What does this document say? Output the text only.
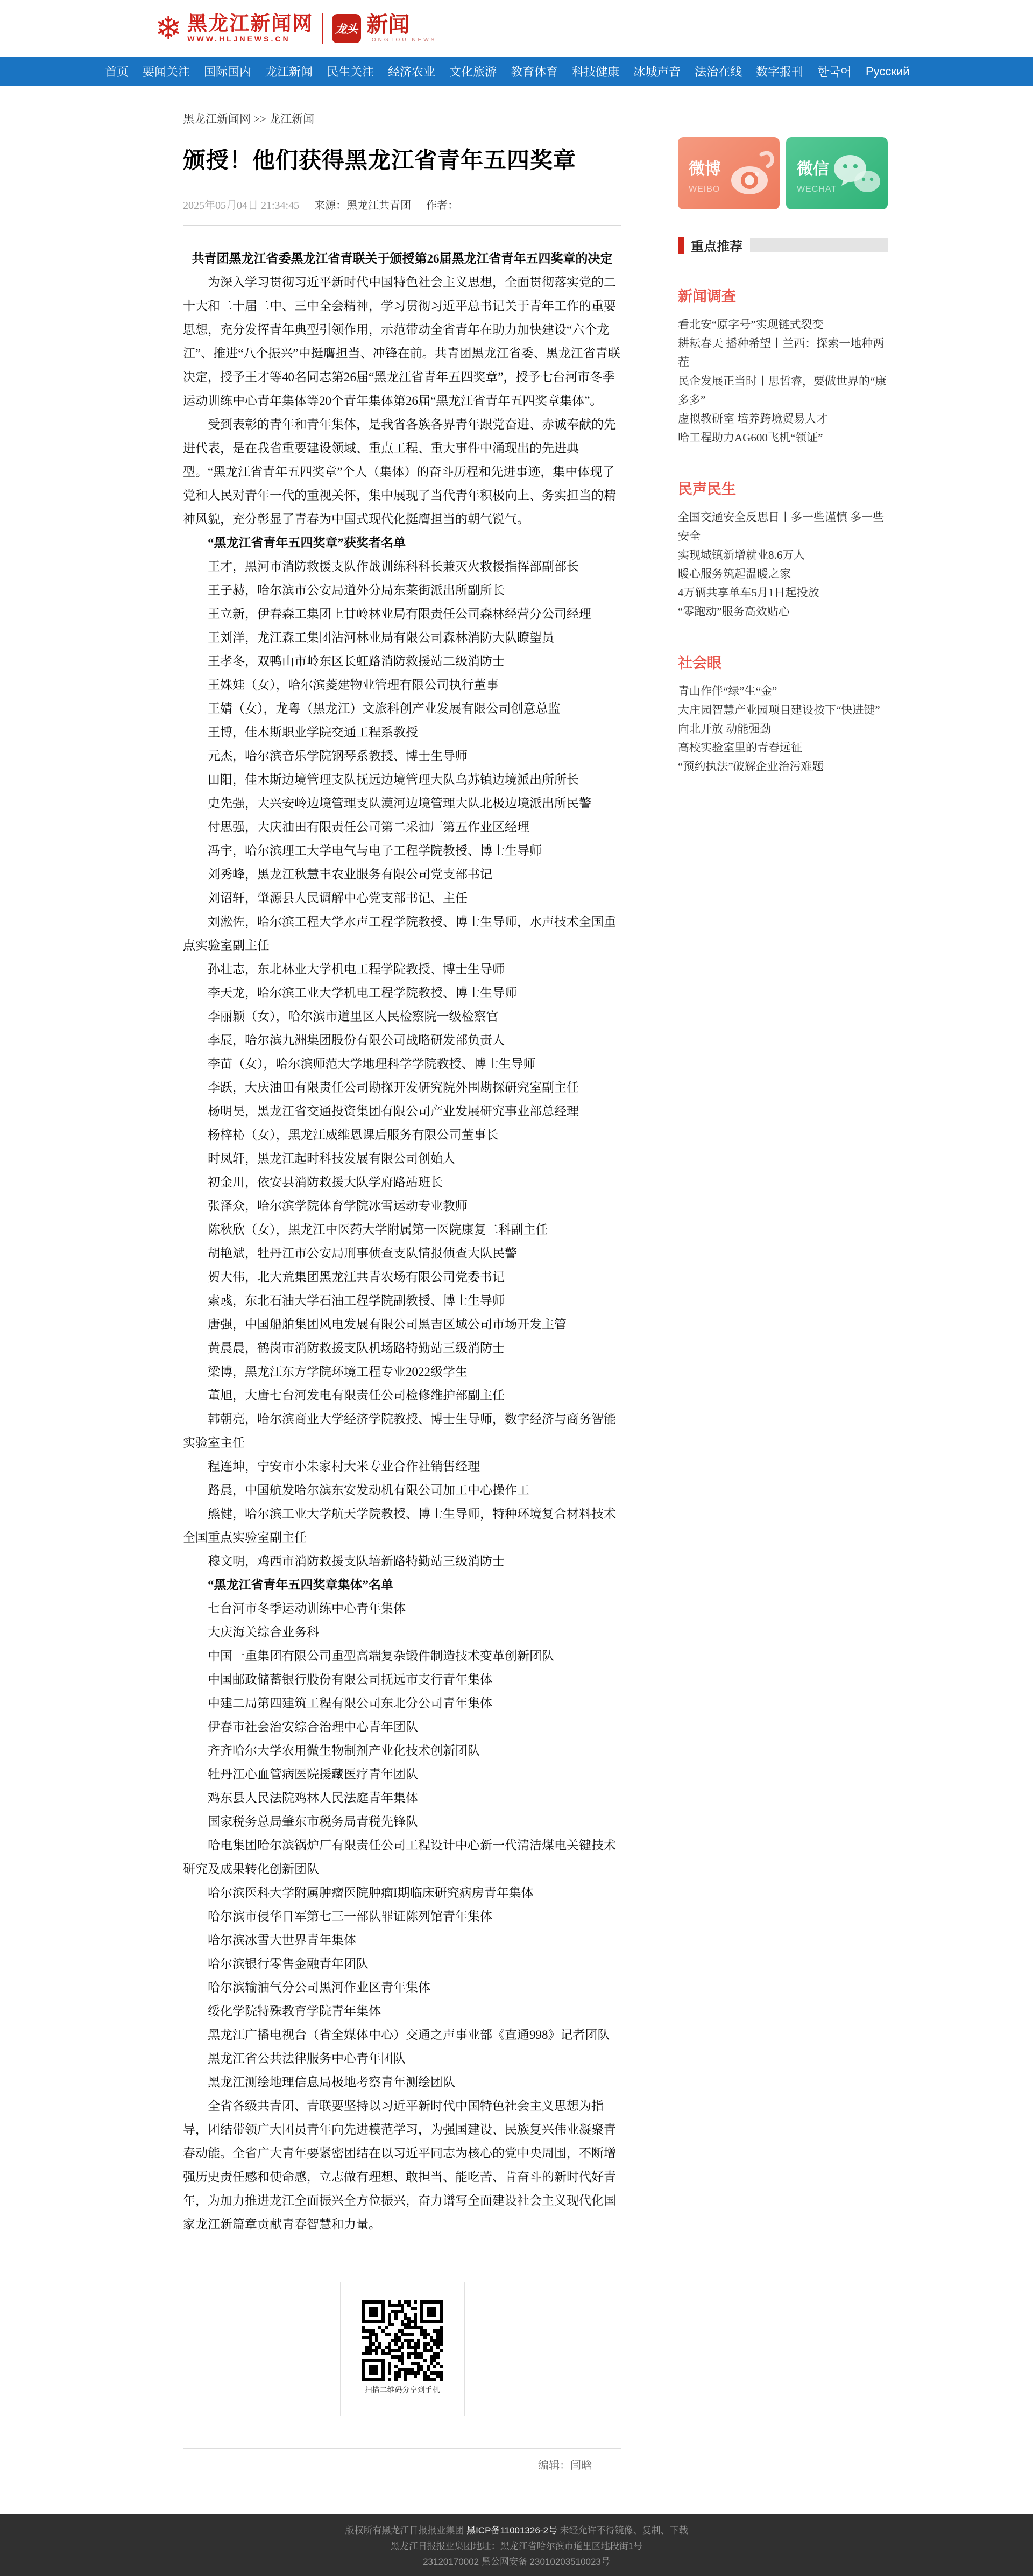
❄ 黑龙江新闻网
WWW.HLJNEWS.CN
龙头 新闻
LONGTOU NEWS
首页 要闻关注 国际国内 龙江新闻 民生关注 经济农业 文化旅游 教育体育 科技健康 冰城声音 法治在线 数字报刊 한국어 Русский
黑龙江新闻网 >> 龙江新闻
颁授！他们获得黑龙江省青年五四奖章
2025年05月04日 21:34:45 来源：黑龙江共青团 作者：

共青团黑龙江省委黑龙江省青联关于颁授第26届黑龙江省青年五四奖章的决定

为深入学习贯彻习近平新时代中国特色社会主义思想，全面贯彻落实党的二十大和二十届二中、三中全会精神，学习贯彻习近平总书记关于青年工作的重要思想，充分发挥青年典型引领作用，示范带动全省青年在助力加快建设“六个龙江”、推进“八个振兴”中挺膺担当、冲锋在前。共青团黑龙江省委、黑龙江省青联决定，授予王才等40名同志第26届“黑龙江省青年五四奖章”，授予七台河市冬季运动训练中心青年集体等20个青年集体第26届“黑龙江省青年五四奖章集体”。

受到表彰的青年和青年集体，是我省各族各界青年跟党奋进、赤诚奉献的先进代表，是在我省重要建设领域、重点工程、重大事件中涌现出的先进典型。“黑龙江省青年五四奖章”个人（集体）的奋斗历程和先进事迹，集中体现了党和人民对青年一代的重视关怀，集中展现了当代青年积极向上、务实担当的精神风貌，充分彰显了青春为中国式现代化挺膺担当的朝气锐气。

“黑龙江省青年五四奖章”获奖者名单

王才，黑河市消防救援支队作战训练科科长兼灭火救援指挥部副部长

王子赫，哈尔滨市公安局道外分局东莱街派出所副所长

王立新，伊春森工集团上甘岭林业局有限责任公司森林经营分公司经理

王刘洋，龙江森工集团沾河林业局有限公司森林消防大队瞭望员

王孝冬，双鸭山市岭东区长虹路消防救援站二级消防士

王姝娃（女），哈尔滨菱建物业管理有限公司执行董事

王婧（女），龙粤（黑龙江）文旅科创产业发展有限公司创意总监

王博，佳木斯职业学院交通工程系教授

元杰，哈尔滨音乐学院钢琴系教授、博士生导师

田阳，佳木斯边境管理支队抚远边境管理大队乌苏镇边境派出所所长

史先强，大兴安岭边境管理支队漠河边境管理大队北极边境派出所民警

付思强，大庆油田有限责任公司第二采油厂第五作业区经理

冯宇，哈尔滨理工大学电气与电子工程学院教授、博士生导师

刘秀峰，黑龙江秋慧丰农业服务有限公司党支部书记

刘诏轩，肇源县人民调解中心党支部书记、主任

刘淞佐，哈尔滨工程大学水声工程学院教授、博士生导师，水声技术全国重点实验室副主任

孙壮志，东北林业大学机电工程学院教授、博士生导师

李天龙，哈尔滨工业大学机电工程学院教授、博士生导师

李丽颖（女），哈尔滨市道里区人民检察院一级检察官

李辰，哈尔滨九洲集团股份有限公司战略研发部负责人

李苗（女），哈尔滨师范大学地理科学学院教授、博士生导师

李跃，大庆油田有限责任公司勘探开发研究院外围勘探研究室副主任

杨明昊，黑龙江省交通投资集团有限公司产业发展研究事业部总经理

杨梓杺（女），黑龙江威维恩课后服务有限公司董事长

时凤轩，黑龙江起时科技发展有限公司创始人

初金川，依安县消防救援大队学府路站班长

张泽众，哈尔滨学院体育学院冰雪运动专业教师

陈秋欣（女），黑龙江中医药大学附属第一医院康复二科副主任

胡艳斌，牡丹江市公安局刑事侦查支队情报侦查大队民警

贺大伟，北大荒集团黑龙江共青农场有限公司党委书记

索彧，东北石油大学石油工程学院副教授、博士生导师

唐强，中国船舶集团风电发展有限公司黑吉区域公司市场开发主管

黄晨晨，鹤岗市消防救援支队机场路特勤站三级消防士

梁博，黑龙江东方学院环境工程专业2022级学生

董旭，大唐七台河发电有限责任公司检修维护部副主任

韩朝亮，哈尔滨商业大学经济学院教授、博士生导师，数字经济与商务智能实验室主任

程连坤，宁安市小朱家村大米专业合作社销售经理

路晨，中国航发哈尔滨东安发动机有限公司加工中心操作工

熊健，哈尔滨工业大学航天学院教授、博士生导师，特种环境复合材料技术全国重点实验室副主任

穆文明，鸡西市消防救援支队培新路特勤站三级消防士

“黑龙江省青年五四奖章集体”名单

七台河市冬季运动训练中心青年集体

大庆海关综合业务科

中国一重集团有限公司重型高端复杂锻件制造技术变革创新团队

中国邮政储蓄银行股份有限公司抚远市支行青年集体

中建二局第四建筑工程有限公司东北分公司青年集体

伊春市社会治安综合治理中心青年团队

齐齐哈尔大学农用微生物制剂产业化技术创新团队

牡丹江心血管病医院援藏医疗青年团队

鸡东县人民法院鸡林人民法庭青年集体

国家税务总局肇东市税务局青税先锋队

哈电集团哈尔滨锅炉厂有限责任公司工程设计中心新一代清洁煤电关键技术研究及成果转化创新团队

哈尔滨医科大学附属肿瘤医院肿瘤I期临床研究病房青年集体

哈尔滨市侵华日军第七三一部队罪证陈列馆青年集体

哈尔滨冰雪大世界青年集体

哈尔滨银行零售金融青年团队

哈尔滨输油气分公司黑河作业区青年集体

绥化学院特殊教育学院青年集体

黑龙江广播电视台（省全媒体中心）交通之声事业部《直通998》记者团队

黑龙江省公共法律服务中心青年团队

黑龙江测绘地理信息局极地考察青年测绘团队

全省各级共青团、青联要坚持以习近平新时代中国特色社会主义思想为指导，团结带领广大团员青年向先进模范学习，为强国建设、民族复兴伟业凝聚青春动能。全省广大青年要紧密团结在以习近平同志为核心的党中央周围，不断增强历史责任感和使命感，立志做有理想、敢担当、能吃苦、肯奋斗的新时代好青年，为加力推进龙江全面振兴全方位振兴，奋力谱写全面建设社会主义现代化国家龙江新篇章贡献青春智慧和力量。

扫描二维码分享到手机
编辑：闫晗
微博
WEIBO
微信
WECHAT
重点推荐
新闻调查
看北安“原字号”实现链式裂变
耕耘春天 播种希望丨兰西：探索一地种两茬
民企发展正当时丨思哲睿，要做世界的“康多多”
虚拟教研室 培养跨境贸易人才
哈工程助力AG600飞机“领证”
民声民生
全国交通安全反思日丨多一些谨慎 多一些安全
实现城镇新增就业8.6万人
暖心服务筑起温暖之家
4万辆共享单车5月1日起投放
“零跑动”服务高效贴心
社会眼
青山作伴“绿”生“金”
大庄园智慧产业园项目建设按下“快进键”
向北开放 动能强劲
高校实验室里的青春远征
“预约执法”破解企业治污难题
版权所有黑龙江日报报业集团 黑ICP备11001326-2号 未经允许不得镜像、复制、下载
黑龙江日报报业集团地址：黑龙江省哈尔滨市道里区地段街1号
23120170002 黑公网安备 23010203510023号
